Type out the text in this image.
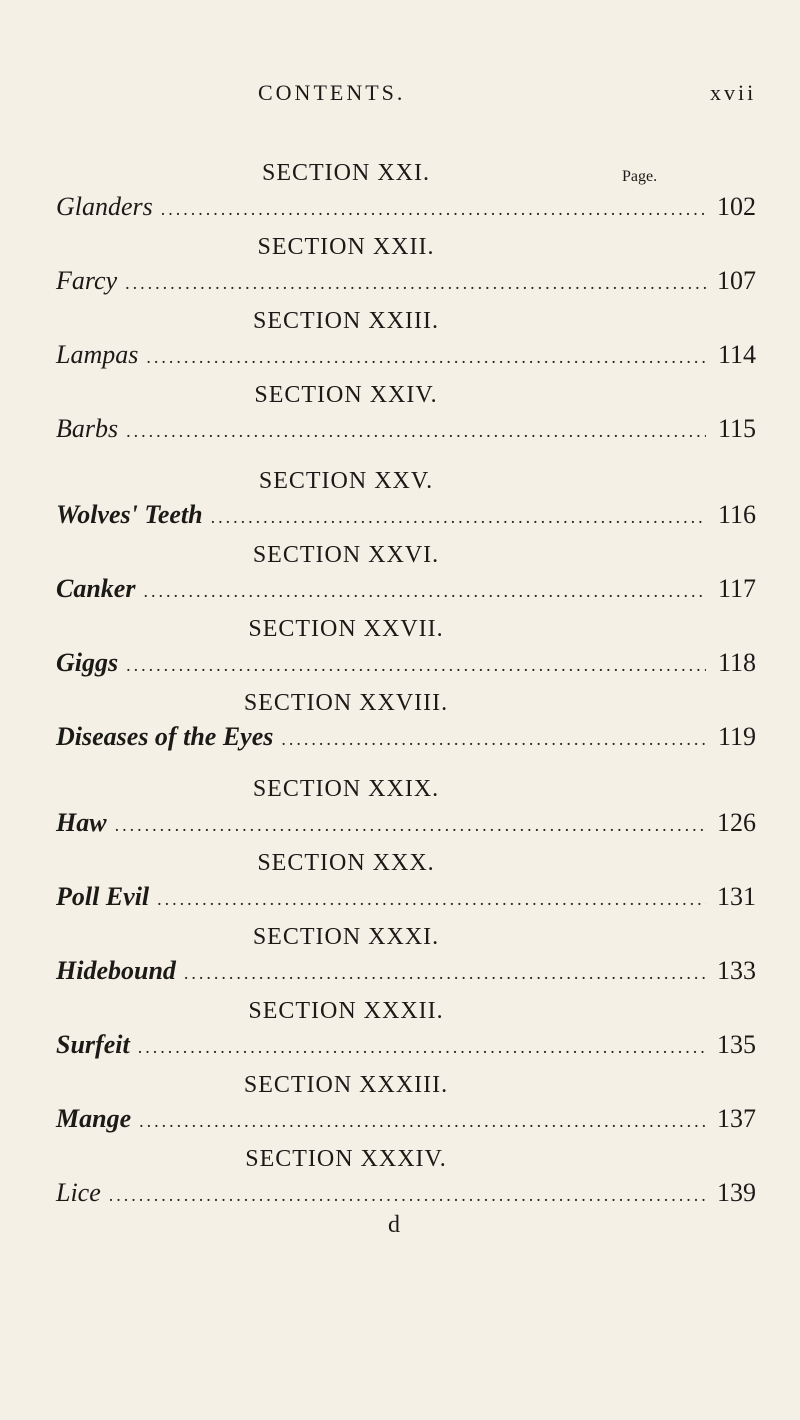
CONTENTS.	xvii
Page.
SECTION XXI.
Glanders .....	102
SECTION XXII.
Farcy .....	107
SECTION XXIII.
Lampas .....	114
SECTION XXIV.
Barbs .....	115
SECTION XXV.
Wolves' Teeth .....	116
SECTION XXVI.
Canker .....	117
SECTION XXVII.
Giggs .....	118
SECTION XXVIII.
Diseases of the Eyes .....	119
SECTION XXIX.
Haw .....	126
SECTION XXX.
Poll Evil .....	131
SECTION XXXI.
Hidebound .....	133
SECTION XXXII.
Surfeit .....	135
SECTION XXXIII.
Mange .....	137
SECTION XXXIV.
Lice .....	139
d
